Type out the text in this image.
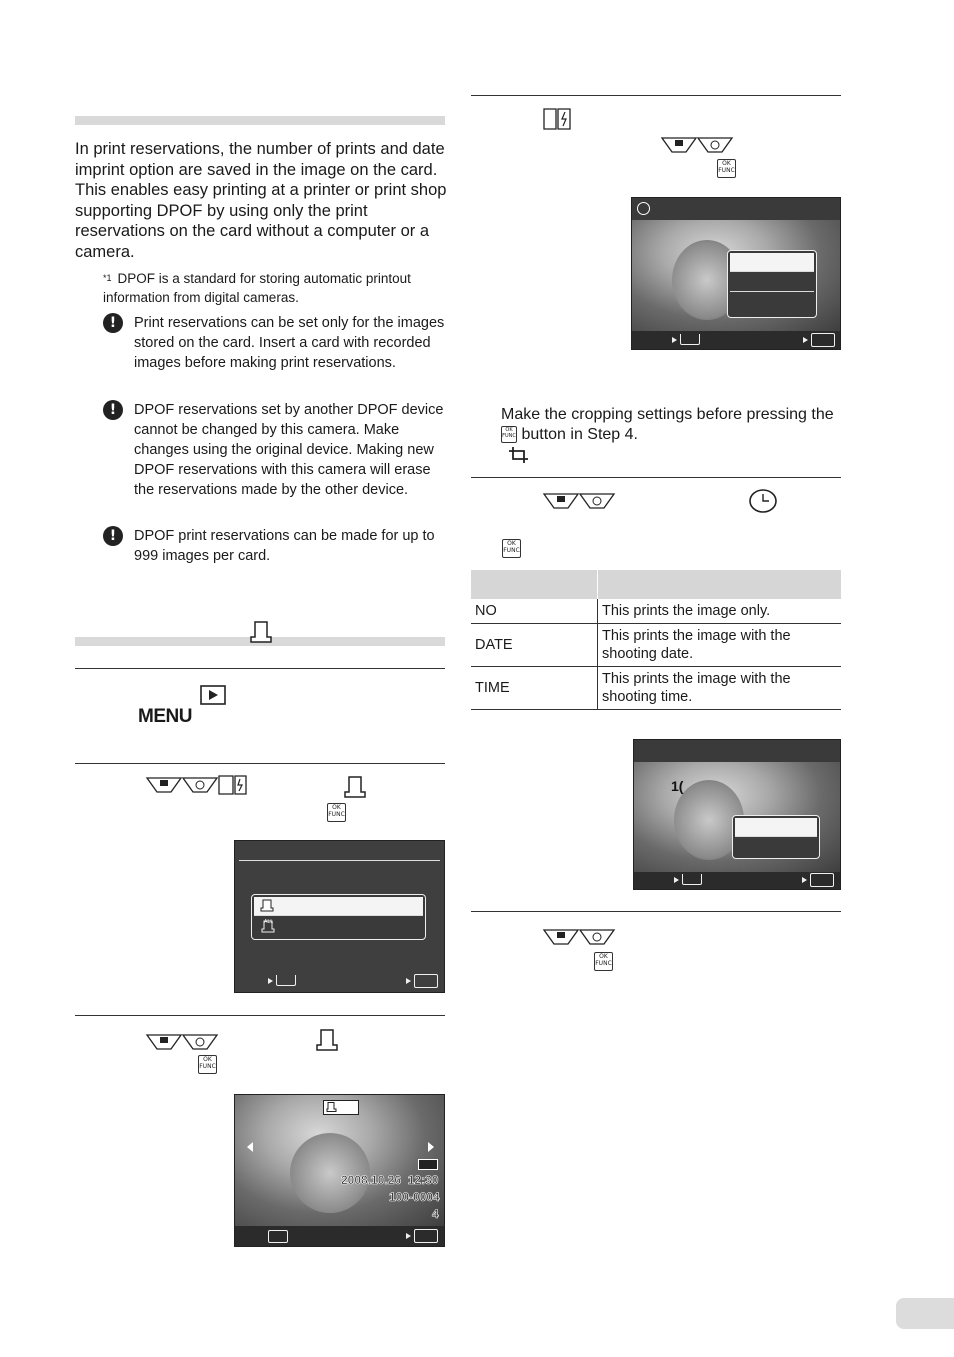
In print reservations, the number of prints and date imprint option are saved in the image on the card. This enables easy printing at a printer or print shop supporting DPOF by using only the print reservations on the card without a computer or a camera.
$^{*1}$ DPOF is a standard for storing automatic printout information from digital cameras.
!	Print reservations can be set only for the images stored on the card. Insert a card with recorded images before making print reservations.
!	DPOF reservations set by another DPOF device cannot be changed by this camera. Make changes using the original device. Making new DPOF reservations with this camera will erase the reservations made by the other device.
!	DPOF print reservations can be made for up to 999 images per card.
MENU
OK
FUNC
ALL
OK
FUNC
2008.10.26 12:30
100-0004
4
OK
FUNC
Make the cropping settings before pressing the OK
FUNC button in Step 4.
OK
FUNC

NO	This prints the image only.
DATE	This prints the image with the shooting date.
TIME	This prints the image with the shooting time.
1(
OK
FUNC
